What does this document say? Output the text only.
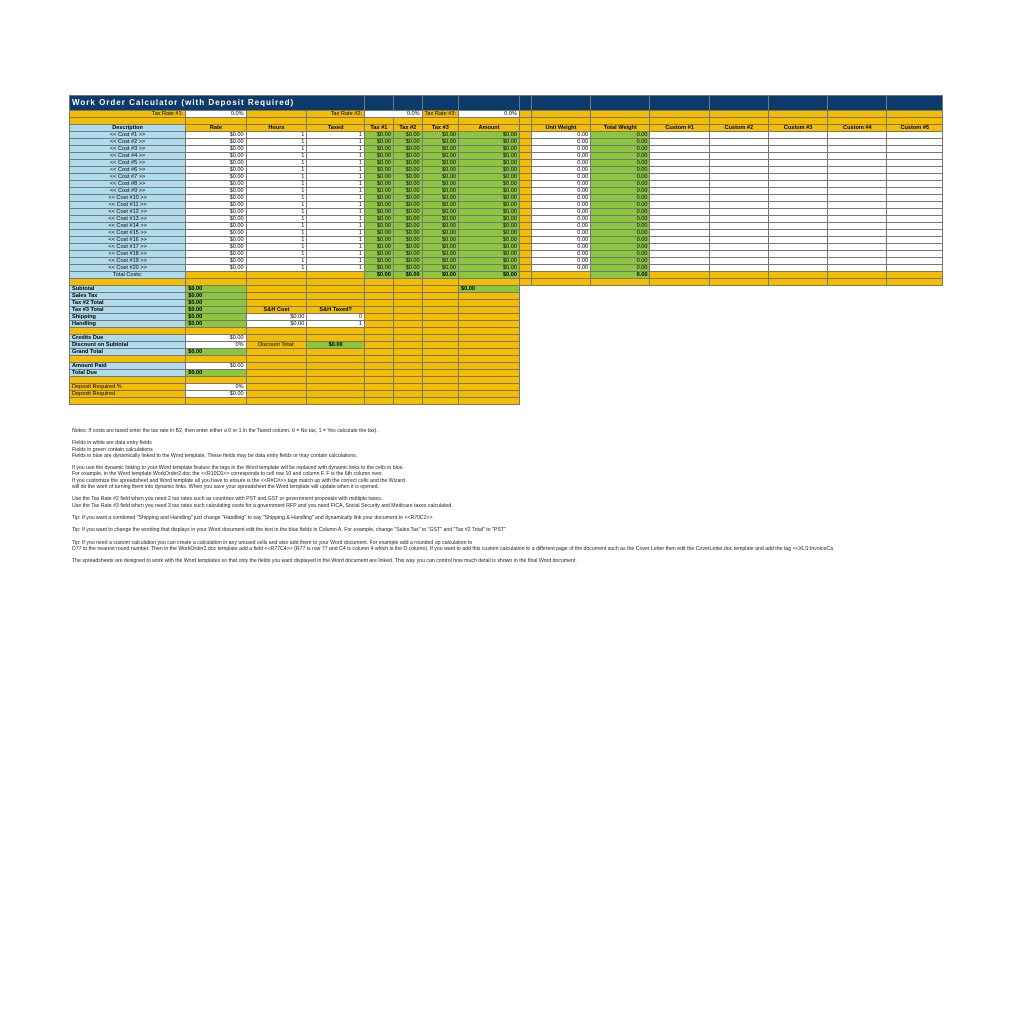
Work Order Calculator (with Deposit Required)															
Tax Rate #1:	0.0%		Tax Rate #2:	0.0%		Tax Rate #3:	0.0%								

Description	Rate	Hours	Taxed	Tax #1	Tax #2	Tax #3	Amount		Unit Weight	Total Weight	Custom #1	Custom #2	Custom #3	Custom #4	Custom #5
<< Cost #1 >>	$0.00	1	1	$0.00	$0.00	$0.00	$0.00		0.00	0.00					
<< Cost #2 >>	$0.00	1	1	$0.00	$0.00	$0.00	$0.00		0.00	0.00					
<< Cost #3 >>	$0.00	1	1	$0.00	$0.00	$0.00	$0.00		0.00	0.00					
<< Cost #4 >>	$0.00	1	1	$0.00	$0.00	$0.00	$0.00		0.00	0.00					
<< Cost #5 >>	$0.00	1	1	$0.00	$0.00	$0.00	$0.00		0.00	0.00					
<< Cost #6 >>	$0.00	1	1	$0.00	$0.00	$0.00	$0.00		0.00	0.00					
<< Cost #7 >>	$0.00	1	1	$0.00	$0.00	$0.00	$0.00		0.00	0.00					
<< Cost #8 >>	$0.00	1	1	$0.00	$0.00	$0.00	$0.00		0.00	0.00					
<< Cost #9 >>	$0.00	1	1	$0.00	$0.00	$0.00	$0.00		0.00	0.00					
<< Cost #10 >>	$0.00	1	1	$0.00	$0.00	$0.00	$0.00		0.00	0.00					
<< Cost #11 >>	$0.00	1	1	$0.00	$0.00	$0.00	$0.00		0.00	0.00					
<< Cost #12 >>	$0.00	1	1	$0.00	$0.00	$0.00	$0.00		0.00	0.00					
<< Cost #13 >>	$0.00	1	1	$0.00	$0.00	$0.00	$0.00		0.00	0.00					
<< Cost #14 >>	$0.00	1	1	$0.00	$0.00	$0.00	$0.00		0.00	0.00					
<< Cost #15 >>	$0.00	1	1	$0.00	$0.00	$0.00	$0.00		0.00	0.00					
<< Cost #16 >>	$0.00	1	1	$0.00	$0.00	$0.00	$0.00		0.00	0.00					
<< Cost #17 >>	$0.00	1	1	$0.00	$0.00	$0.00	$0.00		0.00	0.00					
<< Cost #18 >>	$0.00	1	1	$0.00	$0.00	$0.00	$0.00		0.00	0.00					
<< Cost #19 >>	$0.00	1	1	$0.00	$0.00	$0.00	$0.00		0.00	0.00					
<< Cost #20 >>	$0.00	1	1	$0.00	$0.00	$0.00	$0.00		0.00	0.00					
Total Costs:				$0.00	$0.00	$0.00	$0.00			0.00					

Subtotal	$0.00						$0.00								
Sales Tax	$0.00														
Tax #2 Total	$0.00														
Tax #3 Total	$0.00	S&H Cost	S&H Taxed?												
Shipping	$0.00	$0.00	0												
Handling	$0.00	$0.00	1												

Credits Due	$0.00														
Discount on Subtotal	0%	Discount Total:	$0.00												
Grand Total	$0.00														

Amount Paid	$0.00														
Total Due	$0.00														

Deposit Required %	0%														
Deposit Required	$0.00														

Notes: If costs are taxed enter the tax rate in B2, then enter either a 0 or 1 in the Taxed column. 0 = No tax, 1 = Yes calculate the tax).

Fields in white are data entry fields

Fields in green contain calculations

Fields in blue are dynamically linked to the Word template. These fields may be data entry fields or may contain calculations.

If you use the dynamic linking to your Word template feature the tags in the Word template will be replaced with dynamic links to the cells in blue.

For example, in the Word template WorkOrder2.doc the <<R10C6>> corresponds to cell row 10 and column F. F is the 6th column over.

If you customize the spreadsheet and Word template all you have to ensure is the <<R#C#>> tags match up with the correct cells and the Wizard

will do the work of turning them into dynamic links. When you save your spreadsheet the Word template will update when it is opened.

Use the Tax Rate #2 field when you need 2 tax rates such as countries with PST and GST or government proposals with multiple taxes.

Use the Tax Rate #3 field when you need 3 tax rates such calculating costs for a government RFP and you need FICA, Social Security and Medicare taxes calculated.

Tip: If you want a combined "Shipping and Handling" just change "Handling" to say "Shipping & Handling" and dynamically link your document to <<R70C2>>

Tip: If you want to change the wording that displays in your Word document edit the text in the blue fields in Column A. For example, change "Sales Tax" to "GST" and "Tax #2 Total" to "PST"

Tip: If you need a custom calculation you can create a calculation in any unused cells and also add them to your Word document. For example add a rounded up calculation to

D77 to the nearest round number. Then in the WorkOrder2.doc template add a field <<R77C4>> (R77 is row 77 and C4 is column 4 which is the D column). If you want to add this custom calculation to a different page of the document such as the Cover Letter then edit the CoverLetter.doc template and add the tag <<XLS:InvoiceCa

The spreadsheets are designed to work with the Word templates so that only the fields you want displayed in the Word document are linked. This way you can control how much detail is shown in the final Word document.
